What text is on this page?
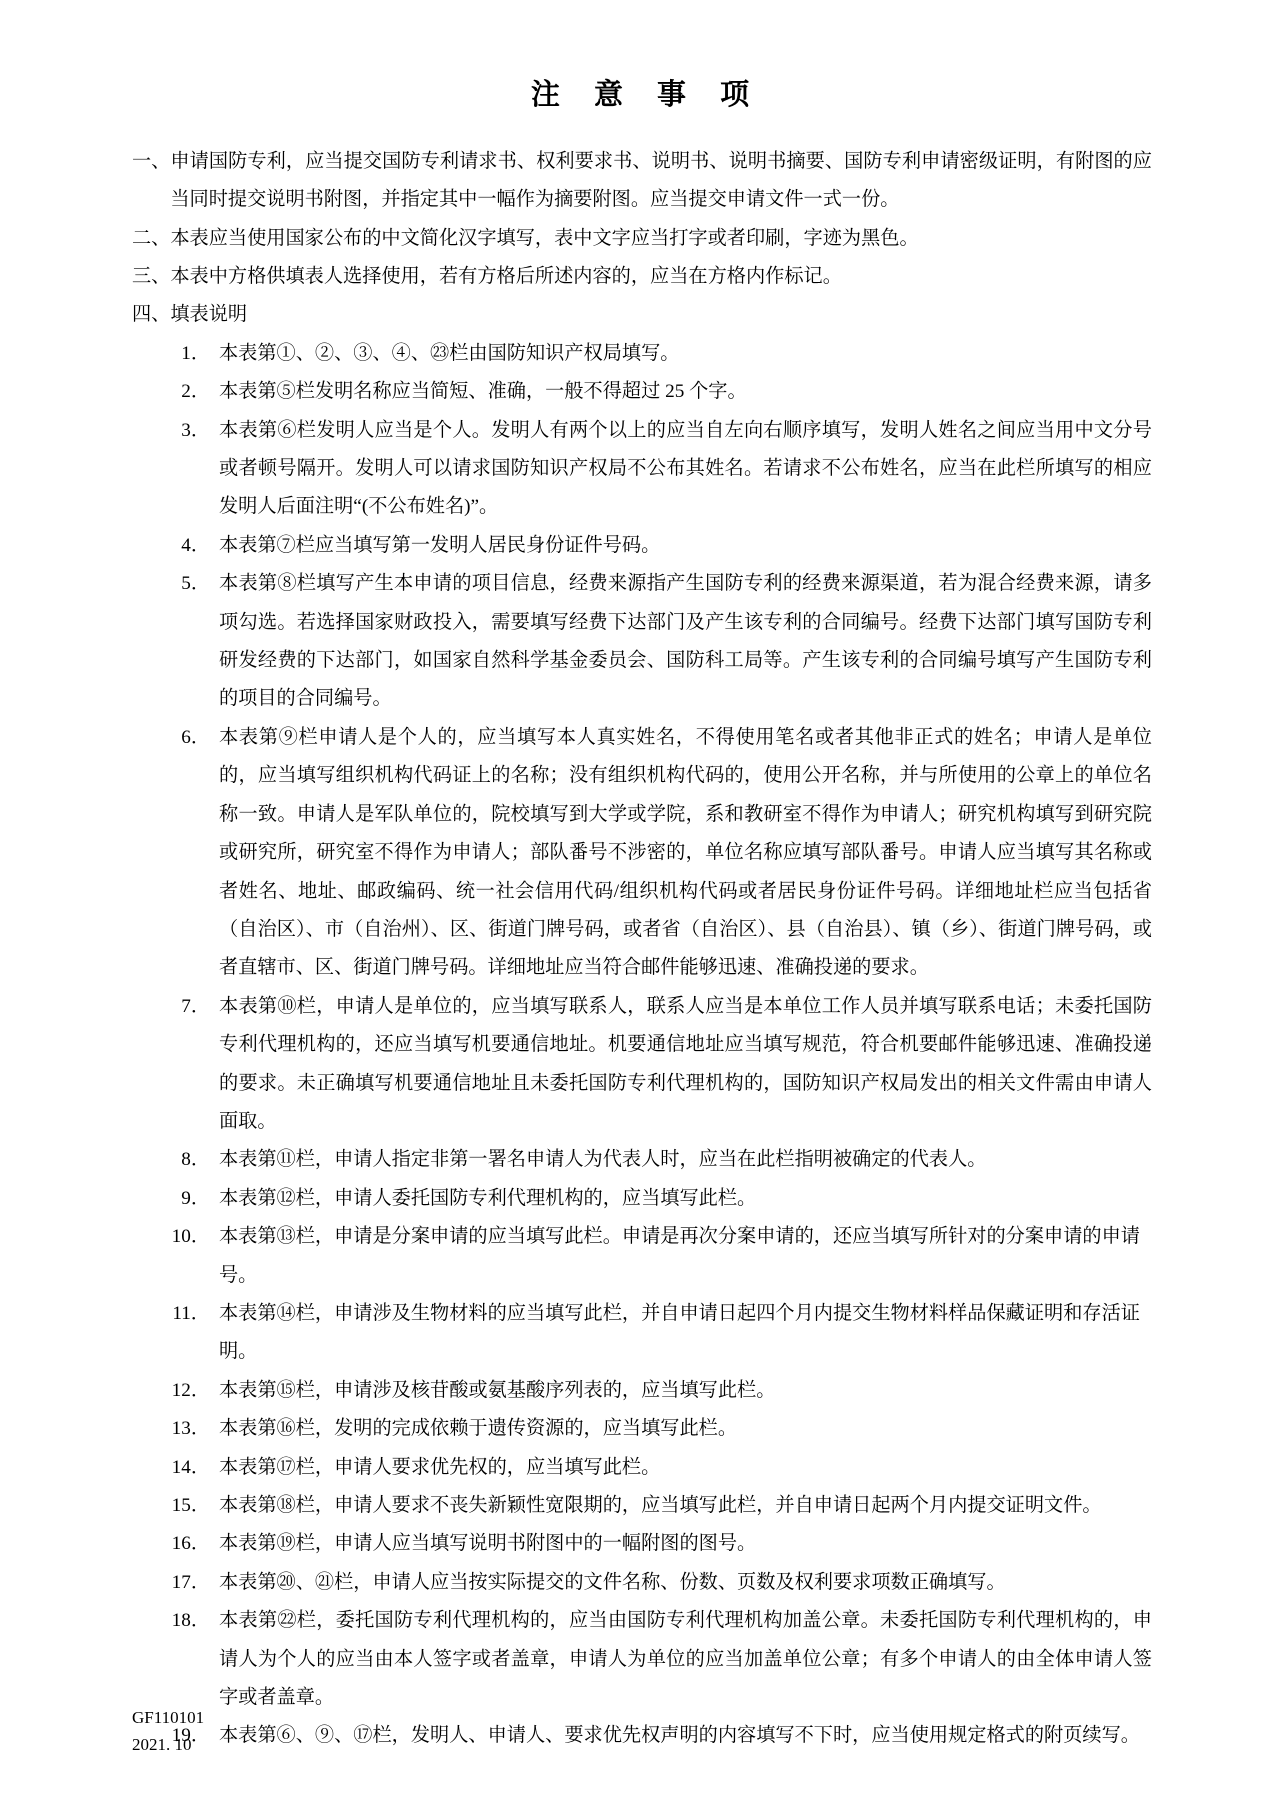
注 意 事 项
一、 申请国防专利，应当提交国防专利请求书、权利要求书、说明书、说明书摘要、国防专利申请密级证明，有附图的应当同时提交说明书附图，并指定其中一幅作为摘要附图。应当提交申请文件一式一份。
二、 本表应当使用国家公布的中文简化汉字填写，表中文字应当打字或者印刷，字迹为黑色。
三、 本表中方格供填表人选择使用，若有方格后所述内容的，应当在方格内作标记。
四、 填表说明
1． 本表第①、②、③、④、㉓栏由国防知识产权局填写。
2． 本表第⑤栏发明名称应当简短、准确，一般不得超过 25 个字。
3． 本表第⑥栏发明人应当是个人。发明人有两个以上的应当自左向右顺序填写，发明人姓名之间应当用中文分号或者顿号隔开。发明人可以请求国防知识产权局不公布其姓名。若请求不公布姓名，应当在此栏所填写的相应发明人后面注明“(不公布姓名)”。
4． 本表第⑦栏应当填写第一发明人居民身份证件号码。
5． 本表第⑧栏填写产生本申请的项目信息，经费来源指产生国防专利的经费来源渠道，若为混合经费来源，请多项勾选。若选择国家财政投入，需要填写经费下达部门及产生该专利的合同编号。经费下达部门填写国防专利研发经费的下达部门，如国家自然科学基金委员会、国防科工局等。产生该专利的合同编号填写产生国防专利的项目的合同编号。
6． 本表第⑨栏申请人是个人的，应当填写本人真实姓名，不得使用笔名或者其他非正式的姓名；申请人是单位的，应当填写组织机构代码证上的名称；没有组织机构代码的，使用公开名称，并与所使用的公章上的单位名称一致。申请人是军队单位的，院校填写到大学或学院，系和教研室不得作为申请人；研究机构填写到研究院或研究所，研究室不得作为申请人；部队番号不涉密的，单位名称应填写部队番号。申请人应当填写其名称或者姓名、地址、邮政编码、统一社会信用代码/组织机构代码或者居民身份证件号码。详细地址栏应当包括省（自治区）、市（自治州）、区、街道门牌号码，或者省（自治区）、县（自治县）、镇（乡）、街道门牌号码，或者直辖市、区、街道门牌号码。详细地址应当符合邮件能够迅速、准确投递的要求。
7． 本表第⑩栏，申请人是单位的，应当填写联系人，联系人应当是本单位工作人员并填写联系电话；未委托国防专利代理机构的，还应当填写机要通信地址。机要通信地址应当填写规范，符合机要邮件能够迅速、准确投递的要求。未正确填写机要通信地址且未委托国防专利代理机构的，国防知识产权局发出的相关文件需由申请人面取。
8． 本表第⑪栏，申请人指定非第一署名申请人为代表人时，应当在此栏指明被确定的代表人。
9． 本表第⑫栏，申请人委托国防专利代理机构的，应当填写此栏。
10． 本表第⑬栏，申请是分案申请的应当填写此栏。申请是再次分案申请的，还应当填写所针对的分案申请的申请号。
11． 本表第⑭栏，申请涉及生物材料的应当填写此栏，并自申请日起四个月内提交生物材料样品保藏证明和存活证明。
12． 本表第⑮栏，申请涉及核苷酸或氨基酸序列表的，应当填写此栏。
13． 本表第⑯栏，发明的完成依赖于遗传资源的，应当填写此栏。
14． 本表第⑰栏，申请人要求优先权的，应当填写此栏。
15． 本表第⑱栏，申请人要求不丧失新颖性宽限期的，应当填写此栏，并自申请日起两个月内提交证明文件。
16． 本表第⑲栏，申请人应当填写说明书附图中的一幅附图的图号。
17． 本表第⑳、㉑栏，申请人应当按实际提交的文件名称、份数、页数及权利要求项数正确填写。
18． 本表第㉒栏，委托国防专利代理机构的，应当由国防专利代理机构加盖公章。未委托国防专利代理机构的，申请人为个人的应当由本人签字或者盖章，申请人为单位的应当加盖单位公章；有多个申请人的由全体申请人签字或者盖章。
19． 本表第⑥、⑨、⑰栏，发明人、申请人、要求优先权声明的内容填写不下时，应当使用规定格式的附页续写。
GF110101
2021. 10
